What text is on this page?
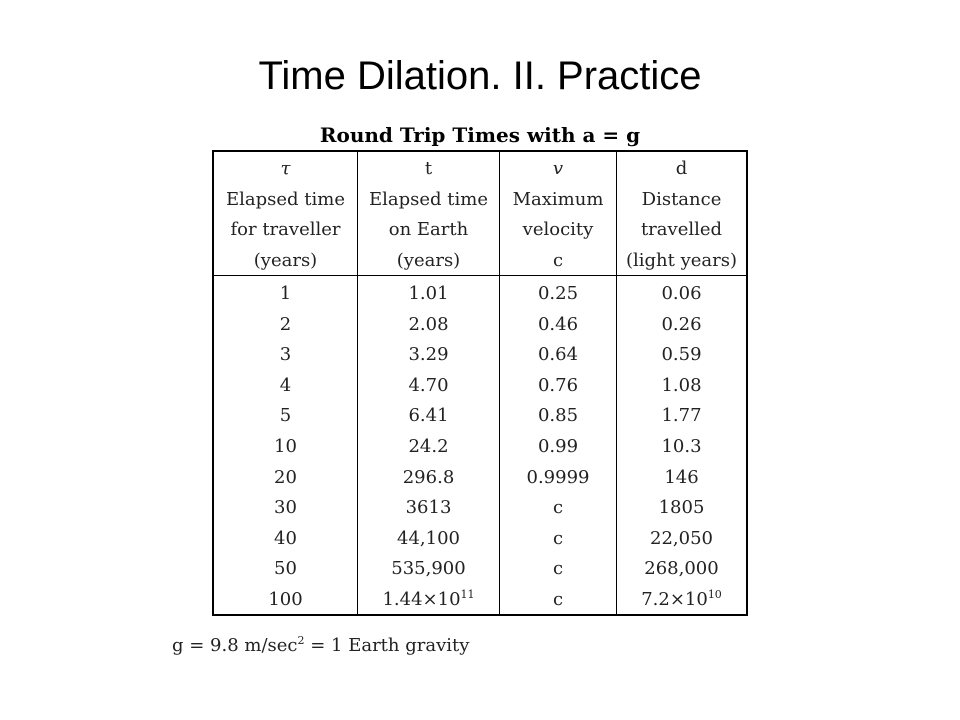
Time Dilation. II. Practice
Round Trip Times with a = g
τ
Elapsed time
for traveller
(years)
1
2
3
4
5
10
20
30
40
50
100
t
Elapsed time
on Earth
(years)
1.01
2.08
3.29
4.70
6.41
24.2
296.8
3613
44,100
535,900
$1.44\times 10^{11}$
v
Maximum
velocity
c
0.25
0.46
0.64
0.76
0.85
0.99
0.9999
c
c
c
c
d
Distance
travelled
(light years)
0.06
0.26
0.59
1.08
1.77
10.3
146
1805
22,050
268,000
$7.2\times 10^{10}$
g = 9.8 $m/\sec^2 = 1$ Earth gravity
